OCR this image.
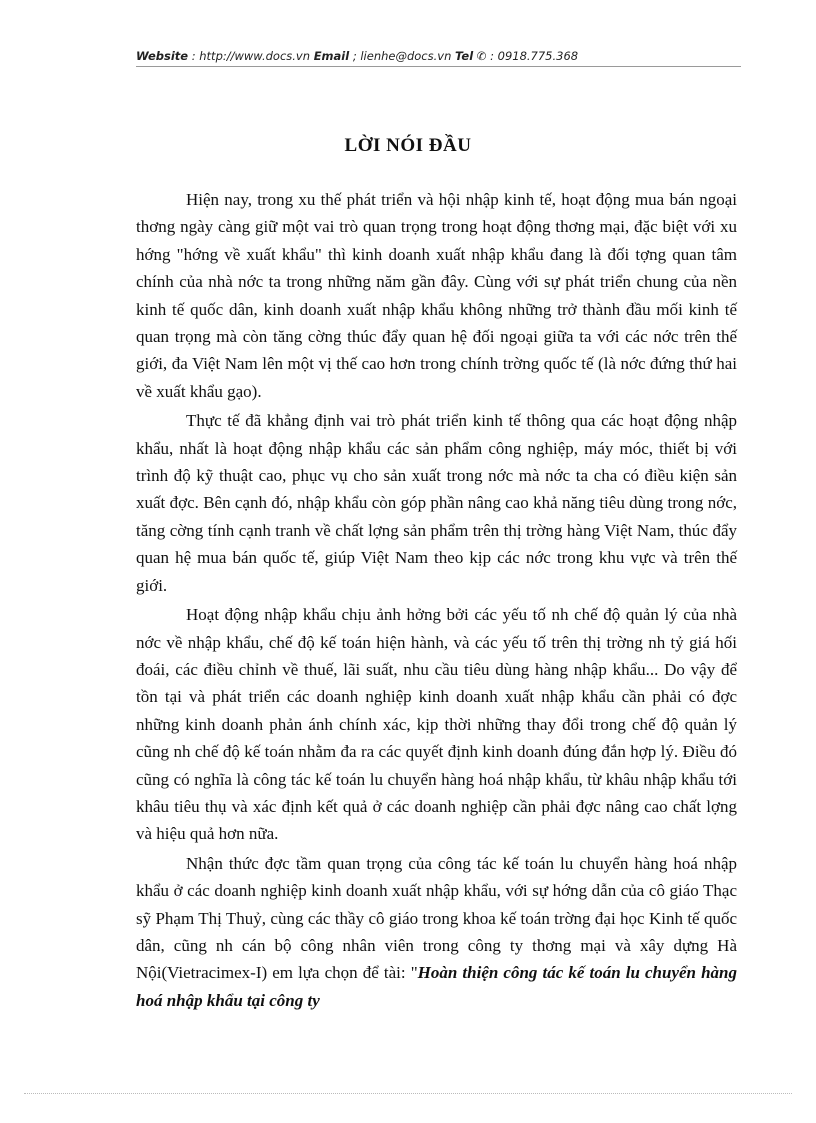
Website : http://www.docs.vn Email ; lienhe@docs.vn Tel ✆ : 0918.775.368
LỜI NÓI ĐẦU

Hiện nay, trong xu thế phát triển và hội nhập kinh tế, hoạt động mua bán ngoại thơng ngày càng giữ một vai trò quan trọng trong hoạt động thơng mại, đặc biệt với xu hớng "hớng về xuất khẩu" thì kinh doanh xuất nhập khẩu đang là đối tợng quan tâm chính của nhà nớc ta trong những năm gần đây. Cùng với sự phát triển chung của nền kinh tế quốc dân, kinh doanh xuất nhập khẩu không những trở thành đầu mối kinh tế quan trọng mà còn tăng cờng thúc đẩy quan hệ đối ngoại giữa ta với các nớc trên thế giới, đa Việt Nam lên một vị thế cao hơn trong chính trờng quốc tế (là nớc đứng thứ hai về xuất khẩu gạo).

Thực tế đã khẳng định vai trò phát triển kinh tế thông qua các hoạt động nhập khẩu, nhất là hoạt động nhập khẩu các sản phẩm công nghiệp, máy móc, thiết bị với trình độ kỹ thuật cao, phục vụ cho sản xuất trong nớc mà nớc ta cha có điều kiện sản xuất đợc. Bên cạnh đó, nhập khẩu còn góp phần nâng cao khả năng tiêu dùng trong nớc, tăng cờng tính cạnh tranh về chất lợng sản phẩm trên thị trờng hàng Việt Nam, thúc đẩy quan hệ mua bán quốc tế, giúp Việt Nam theo kịp các nớc trong khu vực và trên thế giới.

Hoạt động nhập khẩu chịu ảnh hởng bởi các yếu tố nh chế độ quản lý của nhà nớc về nhập khẩu, chế độ kế toán hiện hành, và các yếu tố trên thị trờng nh tỷ giá hối đoái, các điều chỉnh về thuế, lãi suất, nhu cầu tiêu dùng hàng nhập khẩu... Do vậy để tồn tại và phát triển các doanh nghiệp kinh doanh xuất nhập khẩu cần phải có đợc những kinh doanh phản ánh chính xác, kịp thời những thay đổi trong chế độ quản lý cũng nh chế độ kế toán nhằm đa ra các quyết định kinh doanh đúng đắn hợp lý. Điều đó cũng có nghĩa là công tác kế toán lu chuyển hàng hoá nhập khẩu, từ khâu nhập khẩu tới khâu tiêu thụ và xác định kết quả ở các doanh nghiệp cần phải đợc nâng cao chất lợng và hiệu quả hơn nữa.

Nhận thức đợc tầm quan trọng của công tác kế toán lu chuyển hàng hoá nhập khẩu ở các doanh nghiệp kinh doanh xuất nhập khẩu, với sự hớng dẫn của cô giáo Thạc sỹ Phạm Thị Thuỷ, cùng các thầy cô giáo trong khoa kế toán trờng đại học Kinh tế quốc dân, cũng nh cán bộ công nhân viên trong công ty thơng mại và xây dựng Hà Nội(Vietracimex-I) em lựa chọn để tài: "Hoàn thiện công tác kế toán lu chuyển hàng hoá nhập khẩu tại công ty
